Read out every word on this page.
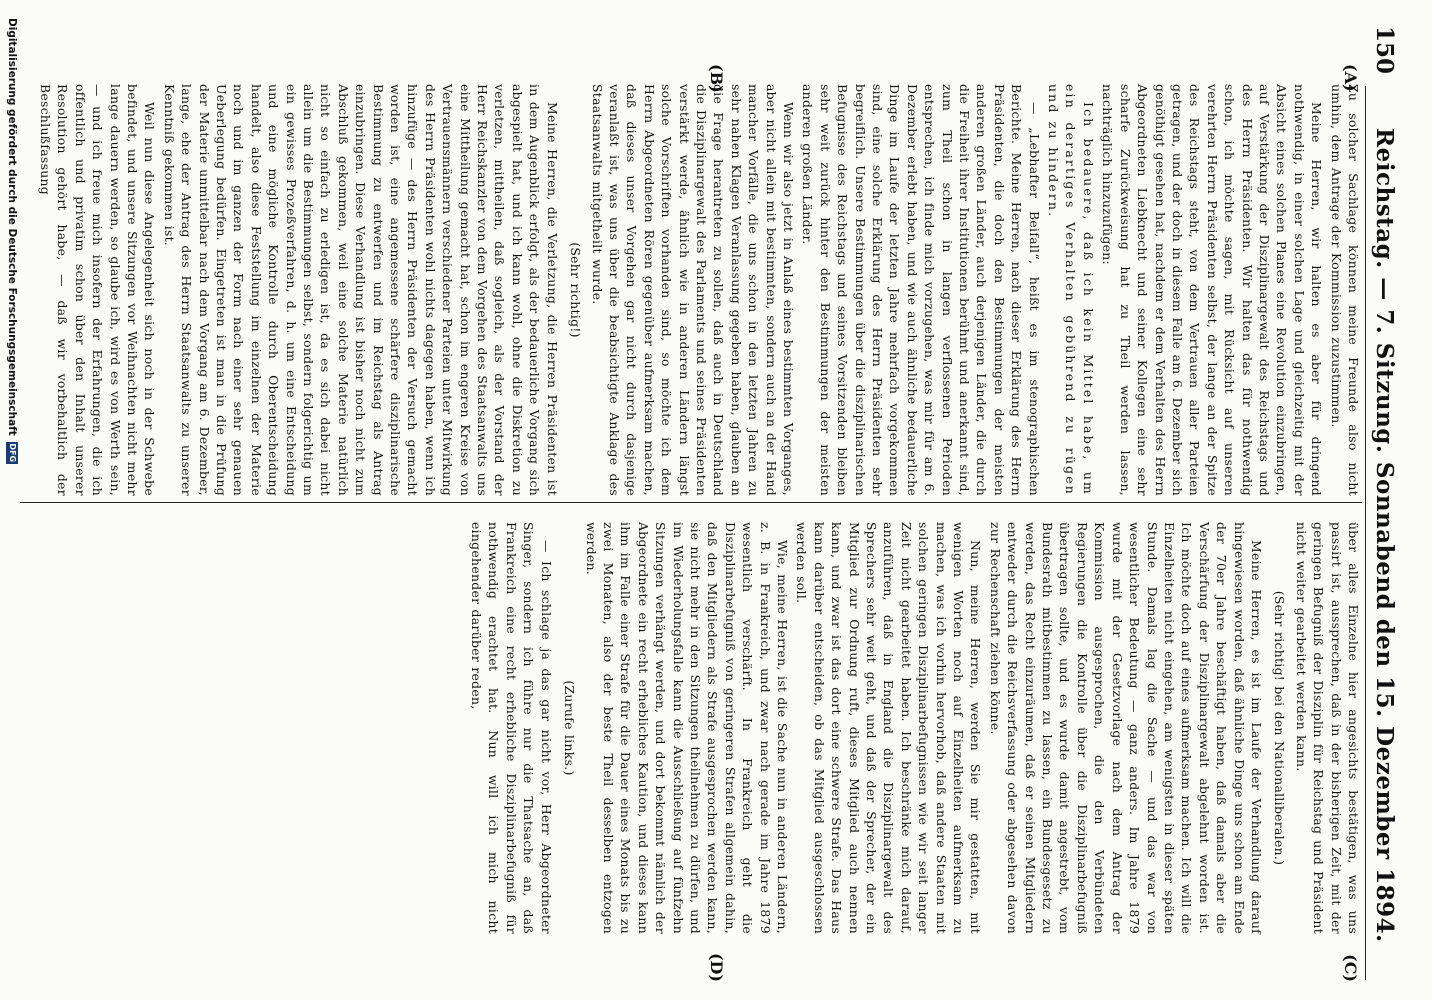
150
Reichstag. — 7. Sitzung. Sonnabend den 15. Dezember 1894.
(A)
(B)
(C)
(D)

Zu solcher Sachlage können meine Freunde also nicht umhin, dem Antrage der Kommission zuzustimmen.

Meine Herren, wir halten es aber für dringend nothwendig, in einer solchen Lage und gleichzeitig mit der Absicht eines solchen Planes eine Revolution einzubringen, auf Verstärkung der Disziplinargewalt des Reichstags und des Herrn Präsidenten. Wir halten das für nothwendig schon, ich möchte sagen, mit Rücksicht auf unseren verehrten Herrn Präsidenten selbst, der lange an der Spitze des Reichstags steht, von dem Vertrauen aller Parteien getragen, und der doch in diesem Falle am 6. Dezember sich genöthigt gesehen hat, nachdem er dem Verhalten des Herrn Abgeordneten Liebknecht und seiner Kollegen eine sehr scharfe Zurückweisung hat zu Theil werden lassen, nachträglich hinzuzufügen:

Ich bedauere, daß ich kein Mittel habe, um ein derartiges Verhalten gebührend zu rügen und zu hindern.

— „Lebhafter Beifall“, heißt es im stenographischen Berichte. Meine Herren, nach dieser Erklärung des Herrn Präsidenten, die doch den Bestimmungen der meisten anderen großen Länder, auch derjenigen Länder, die durch die Freiheit ihrer Institutionen berühmt und anerkannt sind, zum Theil schon in langen verflossenen Perioden entsprechen, ich finde mich vorzugehen, was mir für am 6. Dezember erlebt haben, und wie auch ähnliche bedauerliche Dinge im Laufe der letzten Jahre mehrfach vorgekommen sind, eine solche Erklärung des Herrn Präsidenten sehr begreiflich. Unsere Bestimmungen über die disziplinarischen Befugnisse des Reichstags und seines Vorsitzenden bleiben sehr weit zurück hinter den Bestimmungen der meisten anderen großen Länder.

Wenn wir also jetzt in Anlaß eines bestimmten Vorganges, aber nicht allein mit bestimmten, sondern auch an der Hand mancher Vorfälle, die uns schon in den letzten Jahren zu sehr nahen Klagen Veranlassung gegeben haben, glauben an die Frage herantreten zu sollen, daß auch in Deutschland die Disziplinargewalt des Parlaments und seines Präsidenten verstärkt werde, ähnlich wie in anderen Ländern längst solche Vorschriften vorhanden sind, so möchte ich dem Herrn Abgeordneten Rören gegenüber aufmerksam machen, daß dieses unser Vorgehen gar nicht durch dasjenige veranlaßt ist, was uns über die beabsichtigte Anklage des Staatsanwalts mitgetheilt wurde.

(Sehr richtig!)

Meine Herren, die Verletzung, die Herren Präsidenten ist in dem Augenblick erfolgt, als der bedauerliche Vorgang sich abgespielt hat, und ich kann wohl, ohne die Diskretion zu verletzen, mittheilen, daß sogleich, als der Vorstand der Herr Reichskanzler von dem Vorgehen des Staatsanwalts uns eine Mittheilung gemacht hat, schon im engeren Kreise von Vertrauensmännern verschiedener Parteien unter Mitwirkung des Herrn Präsidenten wohl nichts dagegen haben, wenn ich hinzufüge — des Herrn Präsidenten der Versuch gemacht worden ist, eine angemessene schärfere disziplinarische Bestimmung zu entwerfen und im Reichstag als Antrag einzubringen. Diese Verhandlung ist bisher noch nicht zum Abschluß gekommen, weil eine solche Materie natürlich nicht so einfach zu erledigen ist, da es sich dabei nicht allein um die Bestimmungen selbst, sondern folgerichtig um ein gewisses Prozeßverfahren, d. h. um eine Entscheidung und eine mögliche Kontrolle durch Oberentscheidung handelt, also diese Feststellung im einzelnen der Materie noch und im ganzen der Form nach einer sehr genauen Ueberlegung bedürfen. Eingetreten ist man in die Prüfung der Materie unmittelbar nach dem Vorgang am 6. Dezember, lange, ehe der Antrag des Herrn Staatsanwalts zu unserer Kenntniß gekommen ist.

Weil nun diese Angelegenheit sich noch in der Schwebe befindet, und unsere Sitzungen vor Weihnachten nicht mehr lange dauern werden, so glaube ich, wird es von Werth sein, — und ich freue mich insofern der Erfahrungen, die ich offentlich und privatim schon über den Inhalt unserer Resolution gehört habe, — daß wir vorbehaltlich der Beschlußfassung

über alles Einzelne hier angesichts bestätigen, was uns passirt ist, aussprechen, daß in der bisherigen Zeit, mit der geringen Befugniß der Disziplin für Reichstag und Präsident nicht weiter gearbeitet werden kann.

(Sehr richtig! bei den Nationalliberalen.)

Meine Herren, es ist im Laufe der Verhandlung darauf hingewiesen worden, daß ähnliche Dinge uns schon am Ende der 70er Jahre beschäftigt haben, daß damals aber die Verschärfung der Disziplinargewalt abgelehnt worden ist. Ich möchte doch auf eines aufmerksam machen. Ich will die Einzelheiten nicht eingehen, am wenigsten in dieser späten Stunde. Damals lag die Sache — und das war von wesentlicher Bedeutung — ganz anders. Im Jahre 1879 wurde mit der Gesetzvorlage nach dem Antrag der Kommission ausgesprochen, die den Verbündeten Regierungen die Kontrolle über die Disziplinarbefugniß übertragen sollte, und es wurde damit angestrebt, vom Bundesrath mitbestimmen zu lassen, ein Bundesgesetz zu werden, das Recht einzuräumen, daß er seinen Mitgliedern entweder durch die Reichsverfassung oder abgesehen davon zur Rechenschaft ziehen könne.

Nun, meine Herren, werden Sie mir gestatten, mit wenigen Worten noch auf Einzelheiten aufmerksam zu machen, was ich vorhin hervorhob, daß andere Staaten mit solchen geringen Disziplinarbefugnissen wie wir seit langer Zeit nicht gearbeitet haben. Ich beschränke mich darauf, anzuführen, daß in England die Disziplinargewalt des Sprechers sehr weit geht, und daß der Sprecher, der ein Mitglied zur Ordnung ruft, dieses Mitglied auch nennen kann, und zwar ist das dort eine schwere Strafe. Das Haus kann darüber entscheiden, ob das Mitglied ausgeschlossen werden soll.

Wie, meine Herren, ist die Sache nun in anderen Ländern, z. B. in Frankreich, und zwar nach gerade im Jahre 1879 wesentlich verschärft. In Frankreich geht die Disziplinarbefugniß von geringeren Strafen allgemein dahin, daß den Mitgliedern als Strafe ausgesprochen werden kann, sie nicht mehr in den Sitzungen theilnehmen zu dürfen, und im Wiederholungsfalle kann die Ausschließung auf fünfzehn Sitzungen verhängt werden, und dort bekommt nämlich der Abgeordnete ein recht erhebliches Kaution, und dieses kann ihm im Falle einer Strafe für die Dauer eines Monats bis zu zwei Monaten, also der beste Theil desselben entzogen werden.

(Zurufe links.)

— Ich schlage ja das gar nicht vor, Herr Abgeordneter Singer, sondern ich führe nur die Thatsache an, daß Frankreich eine recht erhebliche Disziplinarbefugniß für nothwendig erachtet hat. Nun will ich mich nicht eingehender darüber reden,

Digitalisierung gefördert durch die Deutsche Forschungsgemeinschaft
DFG
